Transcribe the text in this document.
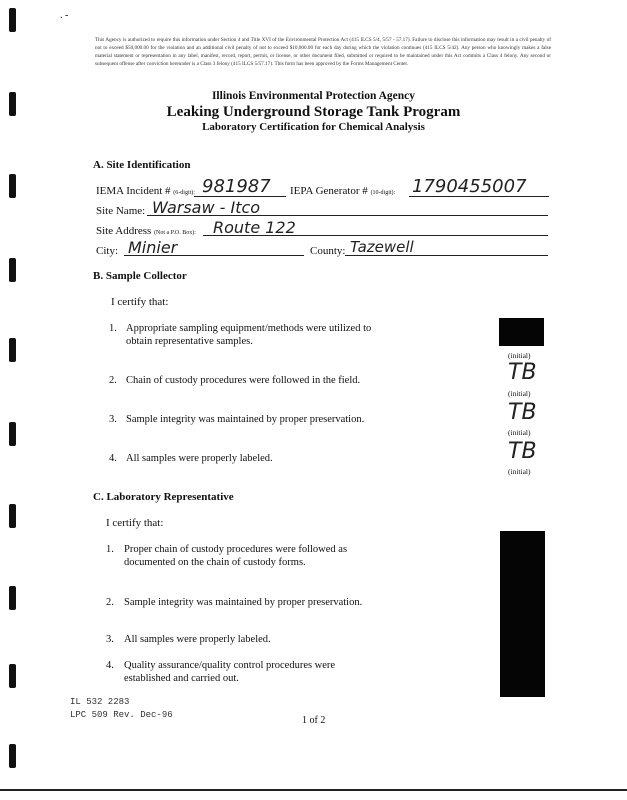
. -
This Agency is authorized to require this information under Section 4 and Title XVI of the Environmental Protection Act (415 ILCS 5/4, 5/57 - 57.17). Failure to disclose this information may result in a civil penalty of not to exceed $50,000.00 for the violation and an additional civil penalty of not to exceed $10,000.00 for each day during which the violation continues (415 ILCS 5/42). Any person who knowingly makes a false material statement or representation in any label, manifest, record, report, permit, or license, or other document filed, submitted or required to be maintained under this Act commits a Class 4 felony. Any second or subsequent offense after conviction hereunder is a Class 3 felony (415 ILCS 5/57.17). This form has been approved by the Forms Management Center.
Illinois Environmental Protection Agency
Leaking Underground Storage Tank Program
Laboratory Certification for Chemical Analysis
A. Site Identification
IEMA Incident # (6-digit): 981987 IEPA Generator # (10-digit): 1790455007
Site Name: Warsaw - Itco
Site Address (Not a P.O. Box): Route 122
City: Minier	County: Tazewell
B. Sample Collector
I certify that:
1. Appropriate sampling equipment/methods were utilized to obtain representative samples.
2. Chain of custody procedures were followed in the field.
3. Sample integrity was maintained by proper preservation.
4. All samples were properly labeled.
(initial)
TB
(initial)
TB
(initial)
TB
(initial)
C. Laboratory Representative
I certify that:
1. Proper chain of custody procedures were followed as documented on the chain of custody forms.
2. Sample integrity was maintained by proper preservation.
3. All samples were properly labeled.
4. Quality assurance/quality control procedures were established and carried out.
IL 532 2283
LPC 509 Rev. Dec-96	1 of 2
